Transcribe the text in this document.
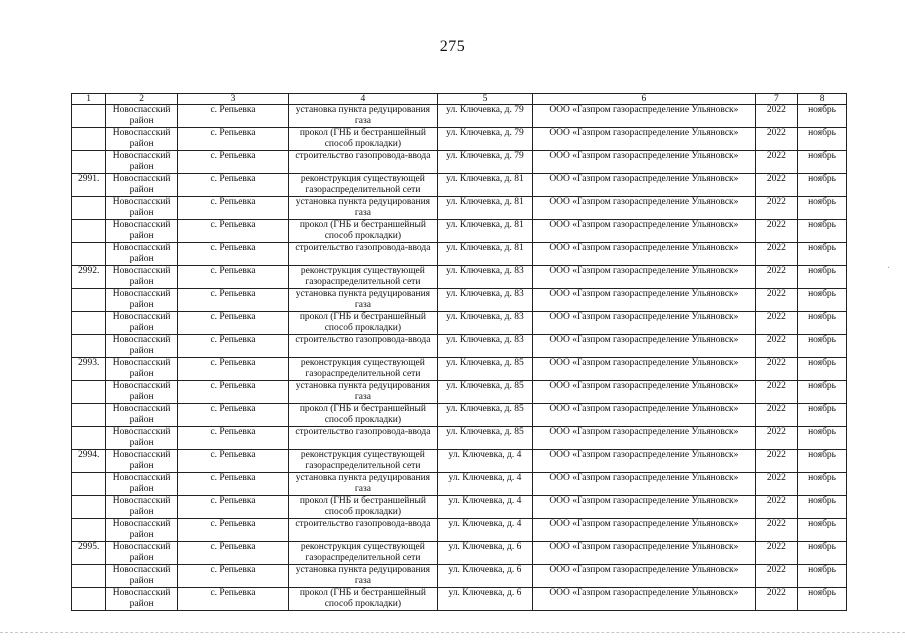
275
1	2	3	4	5	6	7	8
	Новоспасский район	с. Репьевка	установка пункта редуцирования газа	ул. Ключевка, д. 79	ООО «Газпром газораспределение Ульяновск»	2022	ноябрь
	Новоспасский район	с. Репьевка	прокол (ГНБ и бестраншейный способ прокладки)	ул. Ключевка, д. 79	ООО «Газпром газораспределение Ульяновск»	2022	ноябрь
	Новоспасский район	с. Репьевка	строительство газопровода-ввода	ул. Ключевка, д. 79	ООО «Газпром газораспределение Ульяновск»	2022	ноябрь
2991.	Новоспасский район	с. Репьевка	реконструкция существующей газораспределительной сети	ул. Ключевка, д. 81	ООО «Газпром газораспределение Ульяновск»	2022	ноябрь
	Новоспасский район	с. Репьевка	установка пункта редуцирования газа	ул. Ключевка, д. 81	ООО «Газпром газораспределение Ульяновск»	2022	ноябрь
	Новоспасский район	с. Репьевка	прокол (ГНБ и бестраншейный способ прокладки)	ул. Ключевка, д. 81	ООО «Газпром газораспределение Ульяновск»	2022	ноябрь
	Новоспасский район	с. Репьевка	строительство газопровода-ввода	ул. Ключевка, д. 81	ООО «Газпром газораспределение Ульяновск»	2022	ноябрь
2992.	Новоспасский район	с. Репьевка	реконструкция существующей газораспределительной сети	ул. Ключевка, д. 83	ООО «Газпром газораспределение Ульяновск»	2022	ноябрь
	Новоспасский район	с. Репьевка	установка пункта редуцирования газа	ул. Ключевка, д. 83	ООО «Газпром газораспределение Ульяновск»	2022	ноябрь
	Новоспасский район	с. Репьевка	прокол (ГНБ и бестраншейный способ прокладки)	ул. Ключевка, д. 83	ООО «Газпром газораспределение Ульяновск»	2022	ноябрь
	Новоспасский район	с. Репьевка	строительство газопровода-ввода	ул. Ключевка, д. 83	ООО «Газпром газораспределение Ульяновск»	2022	ноябрь
2993.	Новоспасский район	с. Репьевка	реконструкция существующей газораспределительной сети	ул. Ключевка, д. 85	ООО «Газпром газораспределение Ульяновск»	2022	ноябрь
	Новоспасский район	с. Репьевка	установка пункта редуцирования газа	ул. Ключевка, д. 85	ООО «Газпром газораспределение Ульяновск»	2022	ноябрь
	Новоспасский район	с. Репьевка	прокол (ГНБ и бестраншейный способ прокладки)	ул. Ключевка, д. 85	ООО «Газпром газораспределение Ульяновск»	2022	ноябрь
	Новоспасский район	с. Репьевка	строительство газопровода-ввода	ул. Ключевка, д. 85	ООО «Газпром газораспределение Ульяновск»	2022	ноябрь
2994.	Новоспасский район	с. Репьевка	реконструкция существующей газораспределительной сети	ул. Ключевка, д. 4	ООО «Газпром газораспределение Ульяновск»	2022	ноябрь
	Новоспасский район	с. Репьевка	установка пункта редуцирования газа	ул. Ключевка, д. 4	ООО «Газпром газораспределение Ульяновск»	2022	ноябрь
	Новоспасский район	с. Репьевка	прокол (ГНБ и бестраншейный способ прокладки)	ул. Ключевка, д. 4	ООО «Газпром газораспределение Ульяновск»	2022	ноябрь
	Новоспасский район	с. Репьевка	строительство газопровода-ввода	ул. Ключевка, д. 4	ООО «Газпром газораспределение Ульяновск»	2022	ноябрь
2995.	Новоспасский район	с. Репьевка	реконструкция существующей газораспределительной сети	ул. Ключевка, д. 6	ООО «Газпром газораспределение Ульяновск»	2022	ноябрь
	Новоспасский район	с. Репьевка	установка пункта редуцирования газа	ул. Ключевка, д. 6	ООО «Газпром газораспределение Ульяновск»	2022	ноябрь
	Новоспасский район	с. Репьевка	прокол (ГНБ и бестраншейный способ прокладки)	ул. Ключевка, д. 6	ООО «Газпром газораспределение Ульяновск»	2022	ноябрь
·
